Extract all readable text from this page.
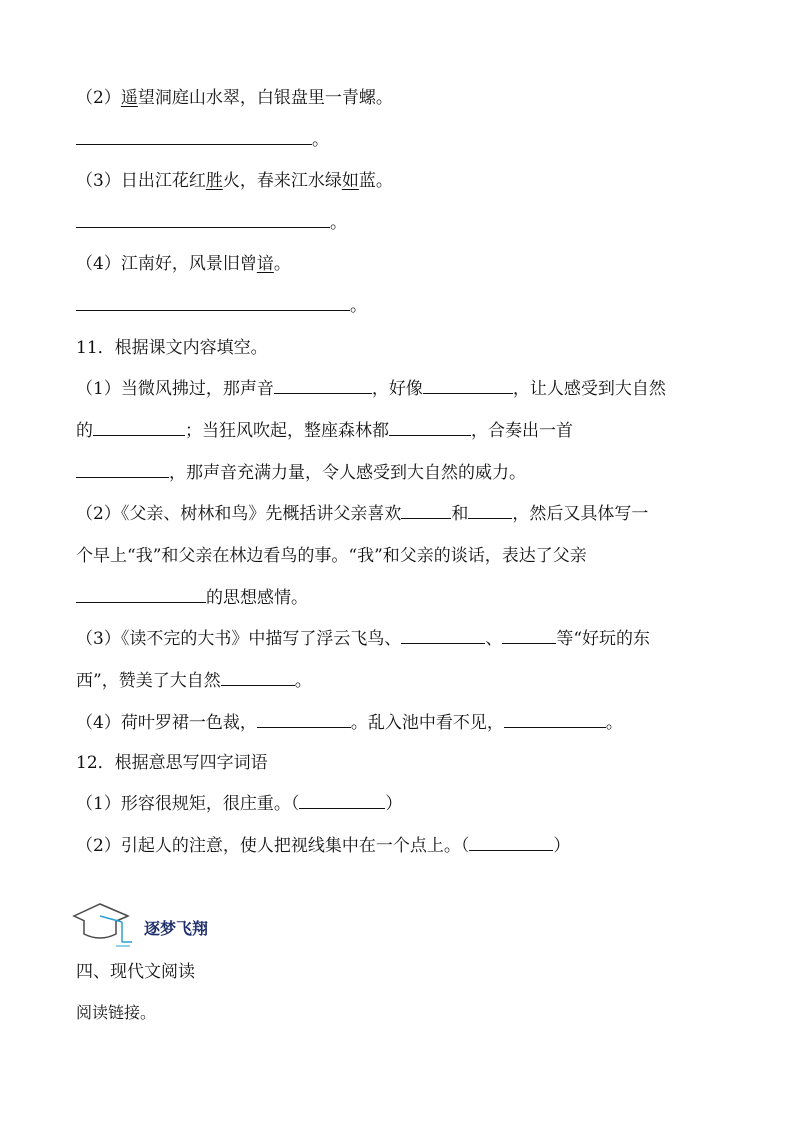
（2）遥望洞庭山水翠，白银盘里一青螺。
。
（3）日出江花红胜火，春来江水绿如蓝。
。
（4）江南好，风景旧曾谙。
。
11．根据课文内容填空。
（1）当微风拂过，那声音	，好像	，让人感受到大自然
的	；当狂风吹起，整座森林都	，合奏出一首
，那声音充满力量，令人感受到大自然的威力。
（2）《父亲、树林和鸟》先概括讲父亲喜欢	和	，然后又具体写一
个早上“我”和父亲在林边看鸟的事。“我”和父亲的谈话，表达了父亲
的思想感情。
（3）《读不完的大书》中描写了浮云飞鸟、	、	等“好玩的东
西”，赞美了大自然	。
（4）荷叶罗裙一色裁，	。乱入池中看不见，	。
12．根据意思写四字词语
（1）形容很规矩，很庄重。（	）
（2）引起人的注意，使人把视线集中在一个点上。（	）
逐梦飞翔
四、现代文阅读
阅读链接。
